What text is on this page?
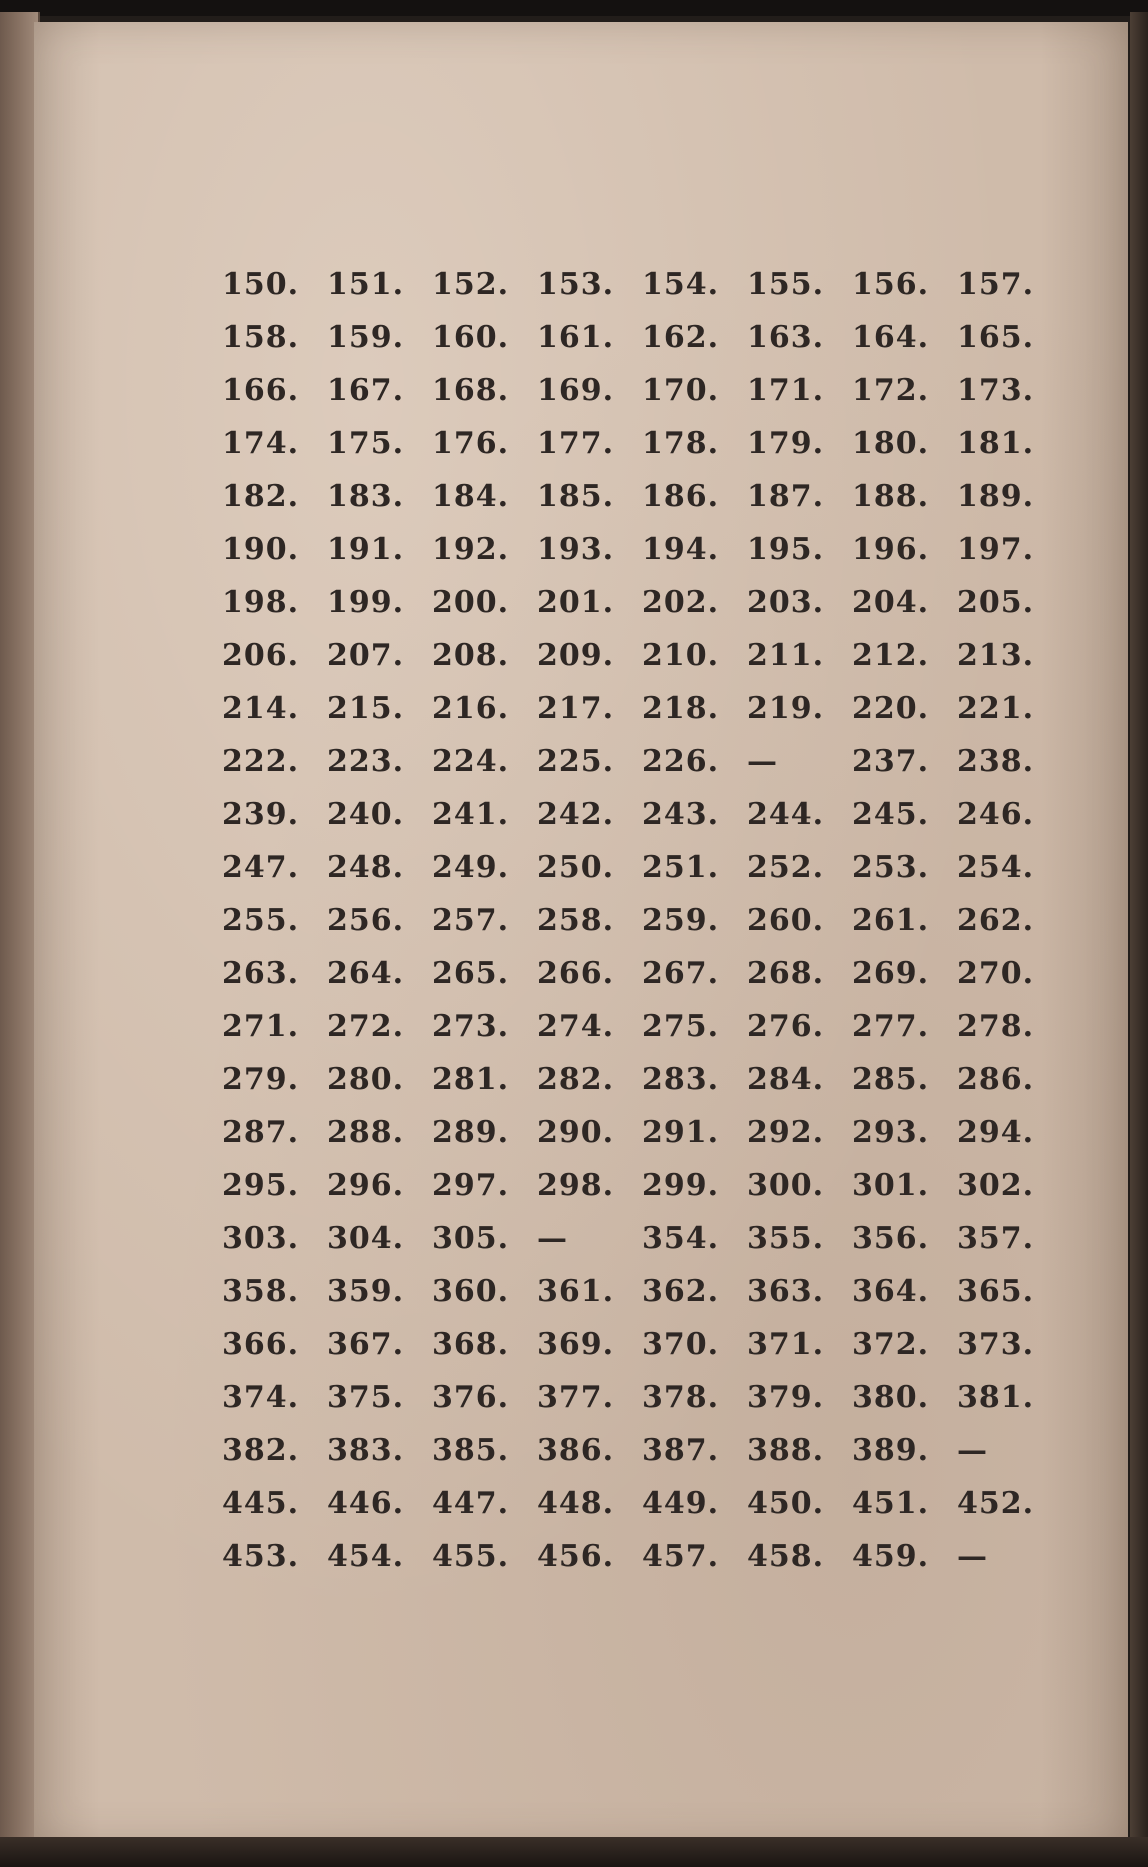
150. 151. 152. 153. 154. 155. 156. 157.
158. 159. 160. 161. 162. 163. 164. 165.
166. 167. 168. 169. 170. 171. 172. 173.
174. 175. 176. 177. 178. 179. 180. 181.
182. 183. 184. 185. 186. 187. 188. 189.
190. 191. 192. 193. 194. 195. 196. 197.
198. 199. 200. 201. 202. 203. 204. 205.
206. 207. 208. 209. 210. 211. 212. 213.
214. 215. 216. 217. 218. 219. 220. 221.
222. 223. 224. 225. 226. —	237. 238.
239. 240. 241. 242. 243. 244. 245. 246.
247. 248. 249. 250. 251. 252. 253. 254.
255. 256. 257. 258. 259. 260. 261. 262.
263. 264. 265. 266. 267. 268. 269. 270.
271. 272. 273. 274. 275. 276. 277. 278.
279. 280. 281. 282. 283. 284. 285. 286.
287. 288. 289. 290. 291. 292. 293. 294.
295. 296. 297. 298. 299. 300. 301. 302.
303. 304. 305. —	354. 355. 356. 357.
358. 359. 360. 361. 362. 363. 364. 365.
366. 367. 368. 369. 370. 371. 372. 373.
374. 375. 376. 377. 378. 379. 380. 381.
382. 383. 385. 386. 387. 388. 389. —
445. 446. 447. 448. 449. 450. 451. 452.
453. 454. 455. 456. 457. 458. 459. —
